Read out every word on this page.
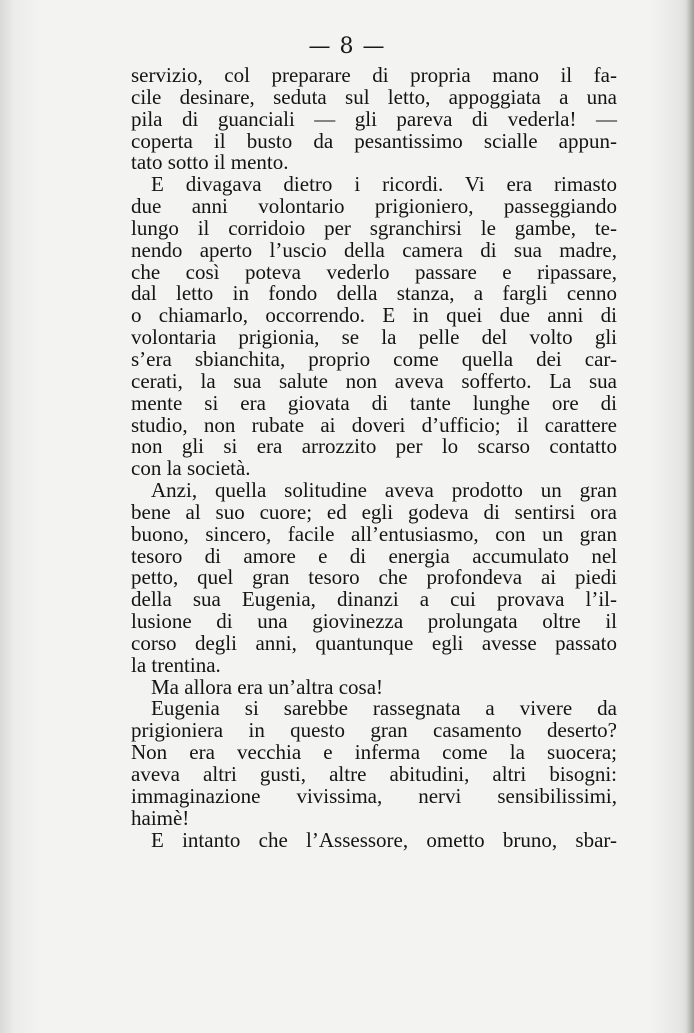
— 8 —
servizio, col preparare di propria mano il fa-
cile desinare, seduta sul letto, appoggiata a una
pila di guanciali — gli pareva di vederla! —
coperta il busto da pesantissimo scialle appun-
tato sotto il mento.
E divagava dietro i ricordi. Vi era rimasto
due anni volontario prigioniero, passeggiando
lungo il corridoio per sgranchirsi le gambe, te-
nendo aperto l’uscio della camera di sua madre,
che così poteva vederlo passare e ripassare,
dal letto in fondo della stanza, a fargli cenno
o chiamarlo, occorrendo. E in quei due anni di
volontaria prigionia, se la pelle del volto gli
s’era sbianchita, proprio come quella dei car-
cerati, la sua salute non aveva sofferto. La sua
mente si era giovata di tante lunghe ore di
studio, non rubate ai doveri d’ufficio; il carattere
non gli si era arrozzito per lo scarso contatto
con la società.
Anzi, quella solitudine aveva prodotto un gran
bene al suo cuore; ed egli godeva di sentirsi ora
buono, sincero, facile all’entusiasmo, con un gran
tesoro di amore e di energia accumulato nel
petto, quel gran tesoro che profondeva ai piedi
della sua Eugenia, dinanzi a cui provava l’il-
lusione di una giovinezza prolungata oltre il
corso degli anni, quantunque egli avesse passato
la trentina.
Ma allora era un’altra cosa!
Eugenia si sarebbe rassegnata a vivere da
prigioniera in questo gran casamento deserto?
Non era vecchia e inferma come la suocera;
aveva altri gusti, altre abitudini, altri bisogni:
immaginazione vivissima, nervi sensibilissimi,
haimè!
E intanto che l’Assessore, ometto bruno, sbar-
